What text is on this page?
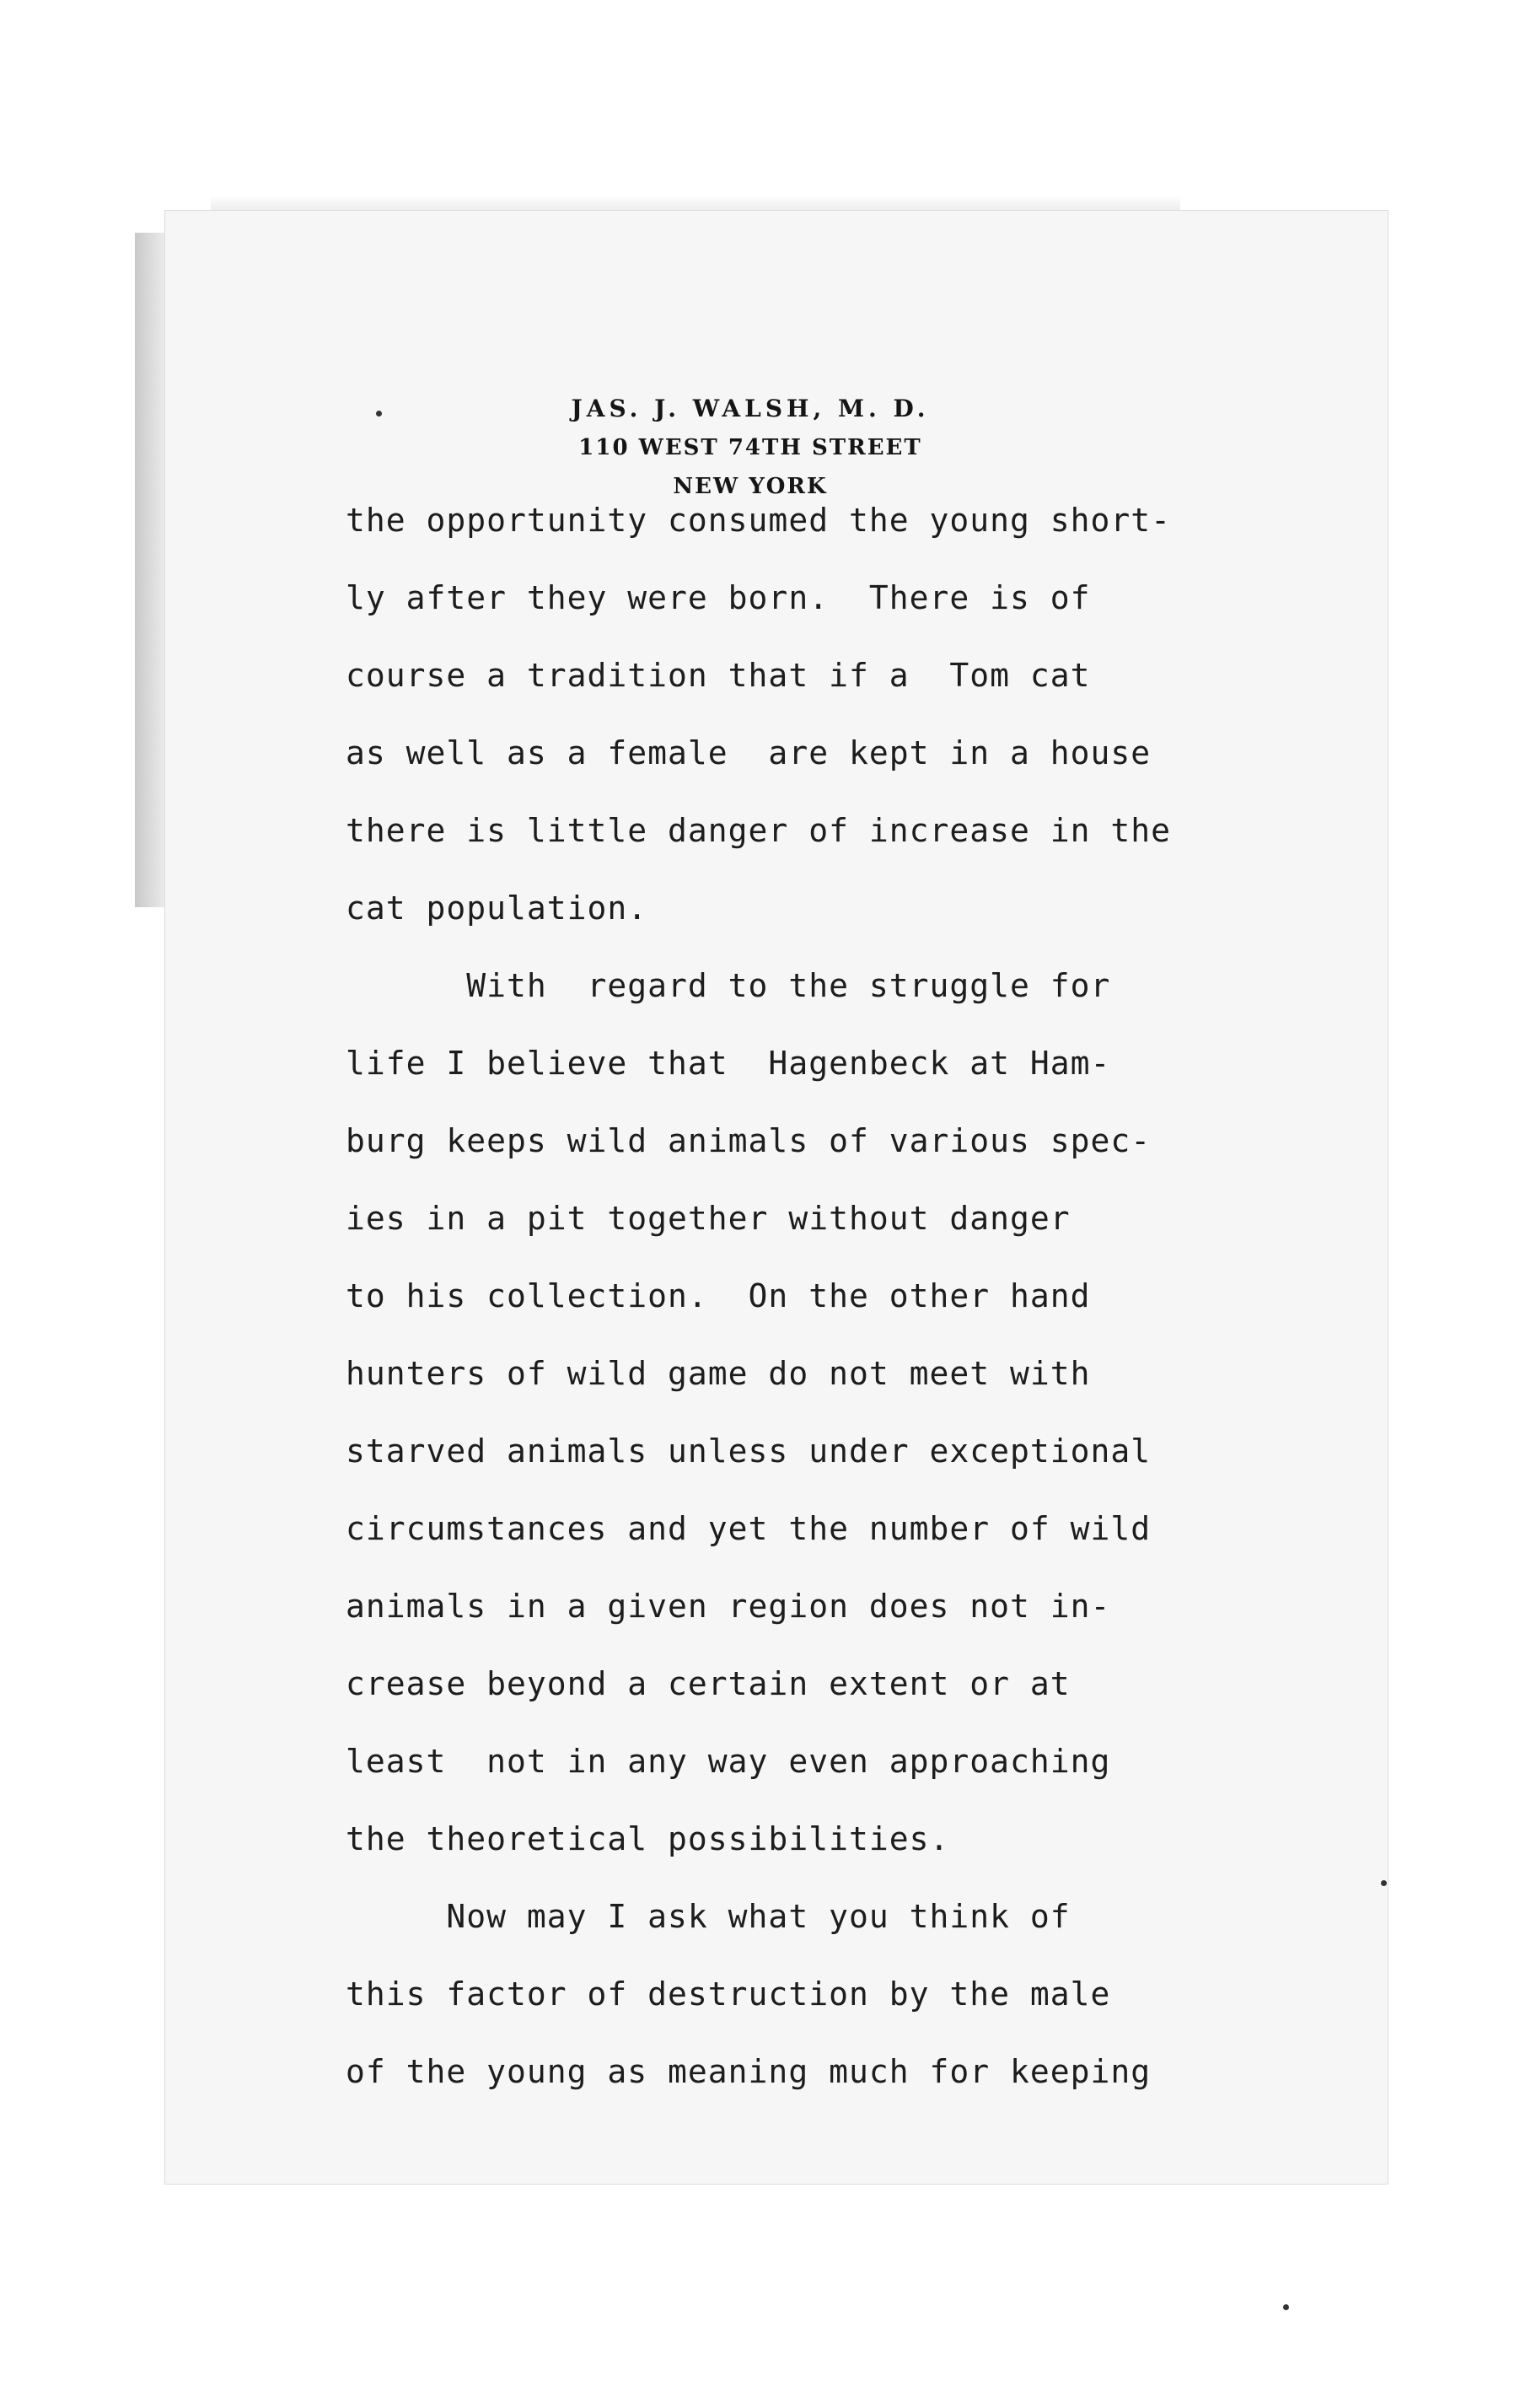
JAS. J. WALSH, M. D.
110 WEST 74TH STREET
NEW YORK
the opportunity consumed the young short-
ly after they were born.  There is of
course a tradition that if a  Tom cat
as well as a female  are kept in a house
there is little danger of increase in the
cat population.
With  regard to the struggle for
life I believe that  Hagenbeck at Ham-
burg keeps wild animals of various spec-
ies in a pit together without danger
to his collection.  On the other hand
hunters of wild game do not meet with
starved animals unless under exceptional
circumstances and yet the number of wild
animals in a given region does not in-
crease beyond a certain extent or at
least  not in any way even approaching
the theoretical possibilities.
Now may I ask what you think of
this factor of destruction by the male
of the young as meaning much for keeping
